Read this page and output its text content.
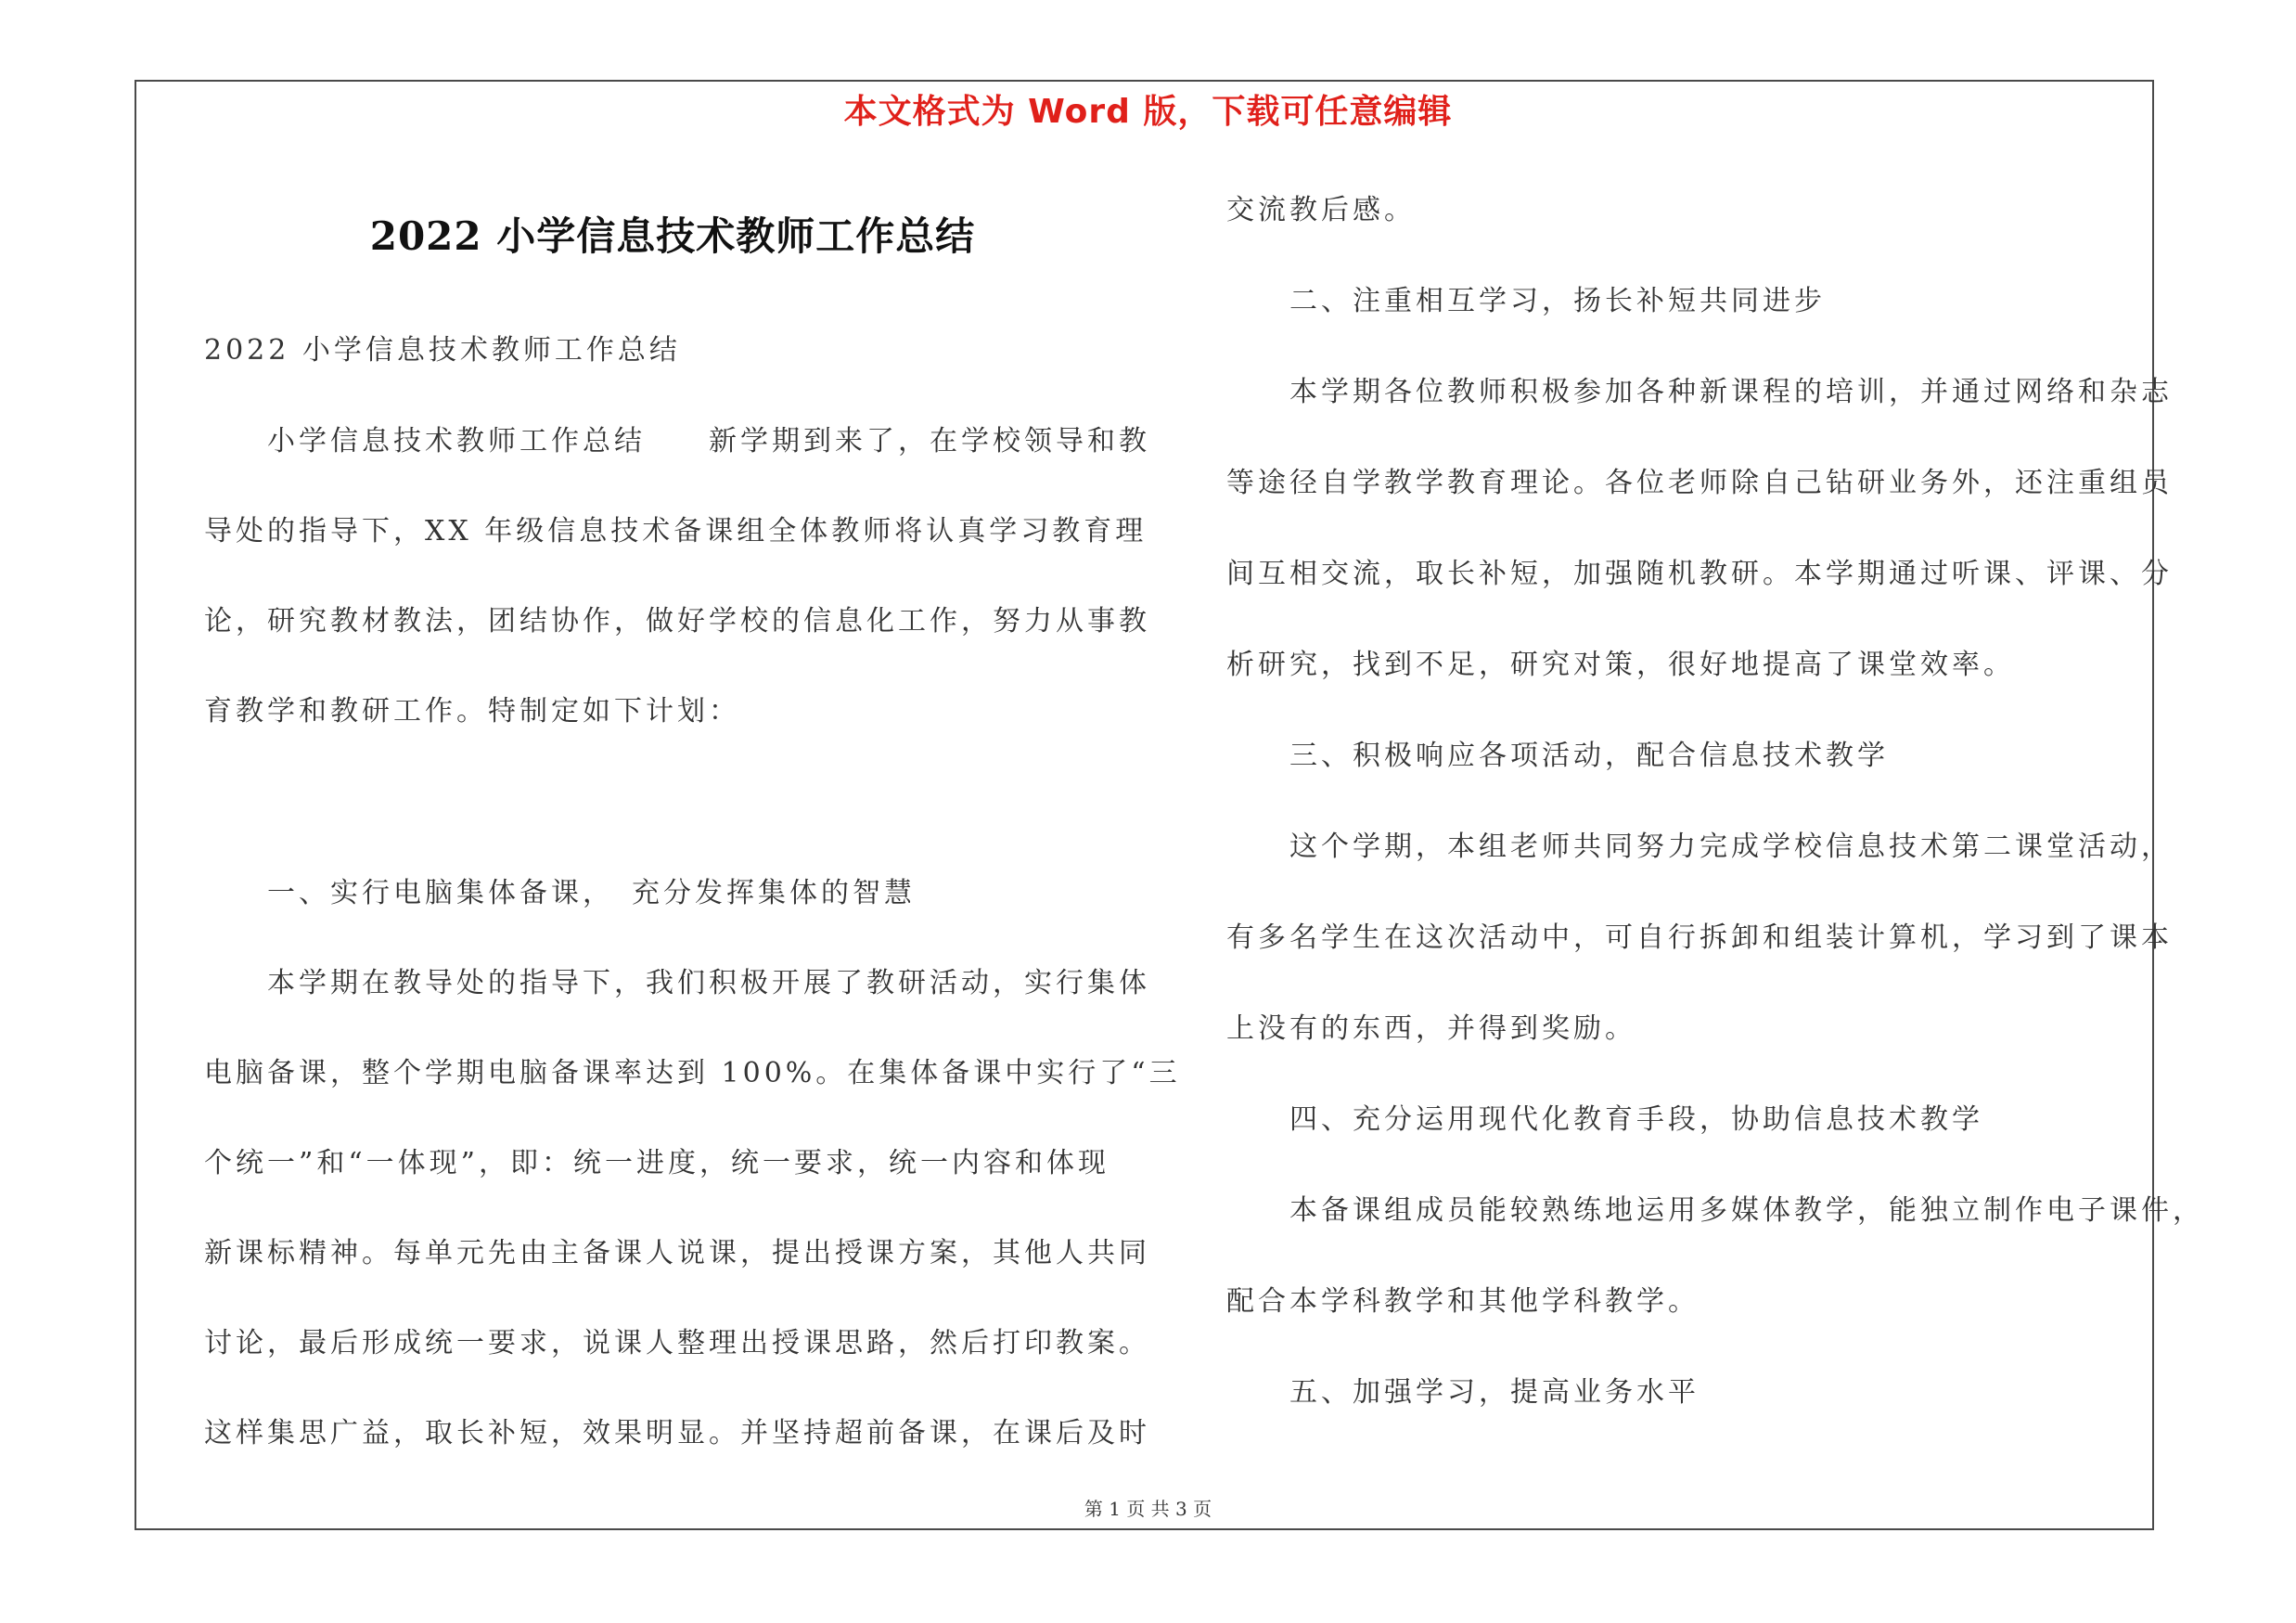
本文格式为 Word 版，下载可任意编辑
2022 小学信息技术教师工作总结
2022 小学信息技术教师工作总结
小学信息技术教师工作总结　　新学期到来了，在学校领导和教
导处的指导下，XX 年级信息技术备课组全体教师将认真学习教育理
论，研究教材教法，团结协作，做好学校的信息化工作，努力从事教
育教学和教研工作。特制定如下计划：
一、实行电脑集体备课，　充分发挥集体的智慧
本学期在教导处的指导下，我们积极开展了教研活动，实行集体
电脑备课，整个学期电脑备课率达到 100%。在集体备课中实行了“三
个统一”和“一体现”，即：统一进度，统一要求，统一内容和体现
新课标精神。每单元先由主备课人说课，提出授课方案，其他人共同
讨论，最后形成统一要求，说课人整理出授课思路，然后打印教案。
这样集思广益，取长补短，效果明显。并坚持超前备课，在课后及时
交流教后感。
二、注重相互学习，扬长补短共同进步
本学期各位教师积极参加各种新课程的培训，并通过网络和杂志
等途径自学教学教育理论。各位老师除自己钻研业务外，还注重组员
间互相交流，取长补短，加强随机教研。本学期通过听课、评课、分
析研究，找到不足，研究对策，很好地提高了课堂效率。
三、积极响应各项活动，配合信息技术教学
这个学期，本组老师共同努力完成学校信息技术第二课堂活动，
有多名学生在这次活动中，可自行拆卸和组装计算机，学习到了课本
上没有的东西，并得到奖励。
四、充分运用现代化教育手段，协助信息技术教学
本备课组成员能较熟练地运用多媒体教学，能独立制作电子课件，
配合本学科教学和其他学科教学。
五、加强学习，提高业务水平
第 1 页 共 3 页
